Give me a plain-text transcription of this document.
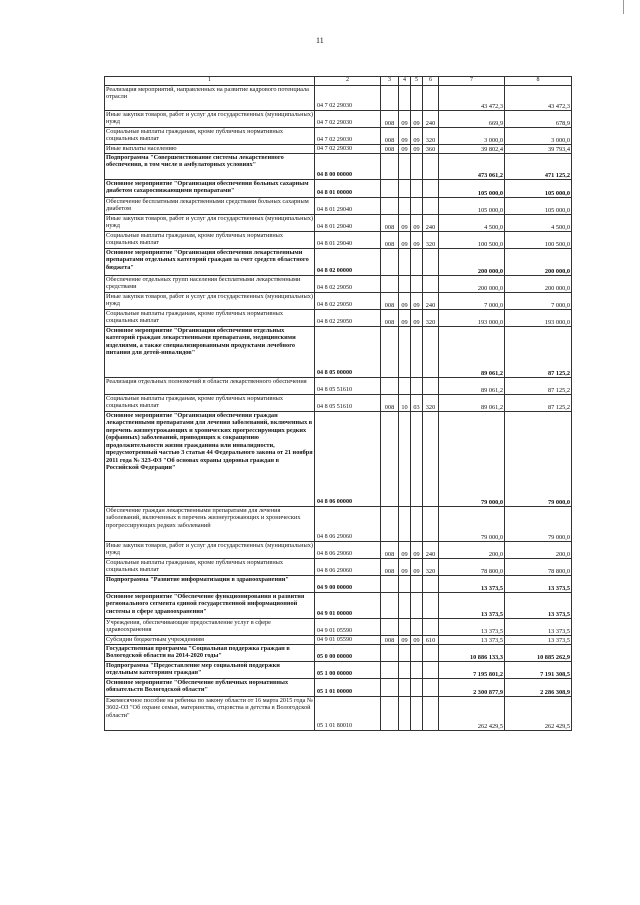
11
1	2	3	4	5	6	7	8
Реализация мероприятий, направленных на развитие кадрового потенциала отрасли	04 7 02 29030					43 472,3	43 472,3
Иные закупки товаров, работ и услуг для государственных (муниципальных) нужд	04 7 02 29030	008	09	09	240	669,9	678,9
Социальные выплаты гражданам, кроме публичных нормативных социальных выплат	04 7 02 29030	008	09	09	320	3 000,0	3 000,0
Иные выплаты населению	04 7 02 29030	008	09	09	360	39 802,4	39 793,4
Подпрограмма "Совершенствование системы лекарственного обеспечения, в том числе в амбулаторных условиях"	04 8 00 00000					473 061,2	471 125,2
Основное мероприятие "Организация обеспечения больных сахарным диабетом сахароснижающими препаратами"	04 8 01 00000					105 000,0	105 000,0
Обеспечение бесплатными лекарственными средствами больных сахарным диабетом	04 8 01 29040					105 000,0	105 000,0
Иные закупки товаров, работ и услуг для государственных (муниципальных) нужд	04 8 01 29040	008	09	09	240	4 500,0	4 500,0
Социальные выплаты гражданам, кроме публичных нормативных социальных выплат	04 8 01 29040	008	09	09	320	100 500,0	100 500,0
Основное мероприятие "Организация обеспечения лекарственными препаратами отдельных категорий граждан за счет средств областного бюджета"	04 8 02 00000					200 000,0	200 000,0
Обеспечение отдельных групп населения бесплатными лекарственными средствами	04 8 02 29050					200 000,0	200 000,0
Иные закупки товаров, работ и услуг для государственных (муниципальных) нужд	04 8 02 29050	008	09	09	240	7 000,0	7 000,0
Социальные выплаты гражданам, кроме публичных нормативных социальных выплат	04 8 02 29050	008	09	09	320	193 000,0	193 000,0
Основное мероприятие "Организация обеспечения отдельных категорий граждан лекарственными препаратами, медицинскими изделиями, а также специализированными продуктами лечебного питания для детей-инвалидов"	04 8 05 00000					89 061,2	87 125,2
Реализация отдельных полномочий в области лекарственного обеспечения	04 8 05 51610					89 061,2	87 125,2
Социальные выплаты гражданам, кроме публичных нормативных социальных выплат	04 8 05 51610	008	10	03	320	89 061,2	87 125,2
Основное мероприятие "Организация обеспечения граждан лекарственными препаратами для лечения заболеваний, включенных в перечень жизнеугрожающих и хронических прогрессирующих редких (орфанных) заболеваний, приводящих к сокращению продолжительности жизни гражданина или инвалидности, предусмотренный частью 3 статьи 44 Федерального закона от 21 ноября 2011 года № 323-ФЗ "Об основах охраны здоровья граждан в Российской Федерации"	04 8 06 00000					79 000,0	79 000,0
Обеспечение граждан лекарственными препаратами для лечения заболеваний, включенных в перечень жизнеугрожающих и хронических прогрессирующих редких заболеваний	04 8 06 29060					79 000,0	79 000,0
Иные закупки товаров, работ и услуг для государственных (муниципальных) нужд	04 8 06 29060	008	09	09	240	200,0	200,0
Социальные выплаты гражданам, кроме публичных нормативных социальных выплат	04 8 06 29060	008	09	09	320	78 800,0	78 800,0
Подпрограмма "Развитие информатизации в здравоохранении"	04 9 00 00000					13 373,5	13 373,5
Основное мероприятие "Обеспечение функционирования и развития регионального сегмента единой государственной информационной системы в сфере здравоохранения"	04 9 01 00000					13 373,5	13 373,5
Учреждения, обеспечивающие предоставление услуг в сфере здравоохранения	04 9 01 05590					13 373,5	13 373,5
Субсидии бюджетным учреждениям	04 9 01 05590	008	09	09	610	13 373,5	13 373,5
Государственная программа "Социальная поддержка граждан в Вологодской области на 2014-2020 годы"	05 0 00 00000					10 886 133,3	10 885 262,9
Подпрограмма "Предоставление мер социальной поддержки отдельным категориям граждан"	05 1 00 00000					7 195 801,2	7 191 308,5
Основное мероприятие "Обеспечение публичных нормативных обязательств Вологодской области"	05 1 01 00000					2 300 877,9	2 286 308,9
Ежемесячное пособие на ребенка по закону области от 16 марта 2015 года № 3602-ОЗ "Об охране семьи, материнства, отцовства и детства в Вологодской области"	05 1 01 80010					262 429,5	262 429,5
